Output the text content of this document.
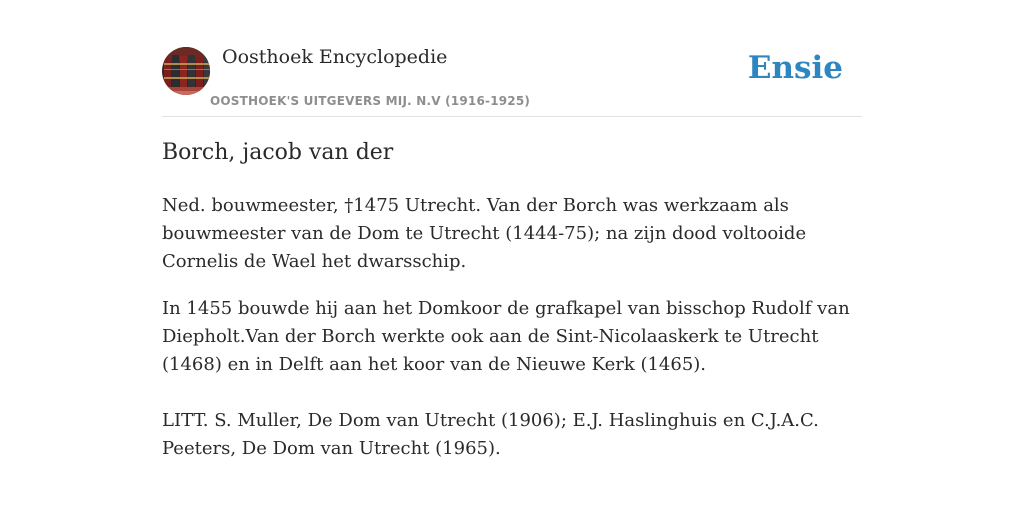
Oosthoek Encyclopedie
OOSTHOEK'S UITGEVERS MIJ. N.V (1916-1925)
Ensie
Borch, jacob van der

Ned. bouwmeester, †1475 Utrecht. Van der Borch was werkzaam als bouwmeester van de Dom te Utrecht (1444-75); na zijn dood voltooide Cornelis de Wael het dwarsschip.

In 1455 bouwde hij aan het Domkoor de grafkapel van bisschop Rudolf van Diepholt.Van der Borch werkte ook aan de Sint-Nicolaaskerk te Utrecht (1468) en in Delft aan het koor van de Nieuwe Kerk (1465).

LITT. S. Muller, De Dom van Utrecht (1906); E.J. Haslinghuis en C.J.A.C. Peeters, De Dom van Utrecht (1965).
